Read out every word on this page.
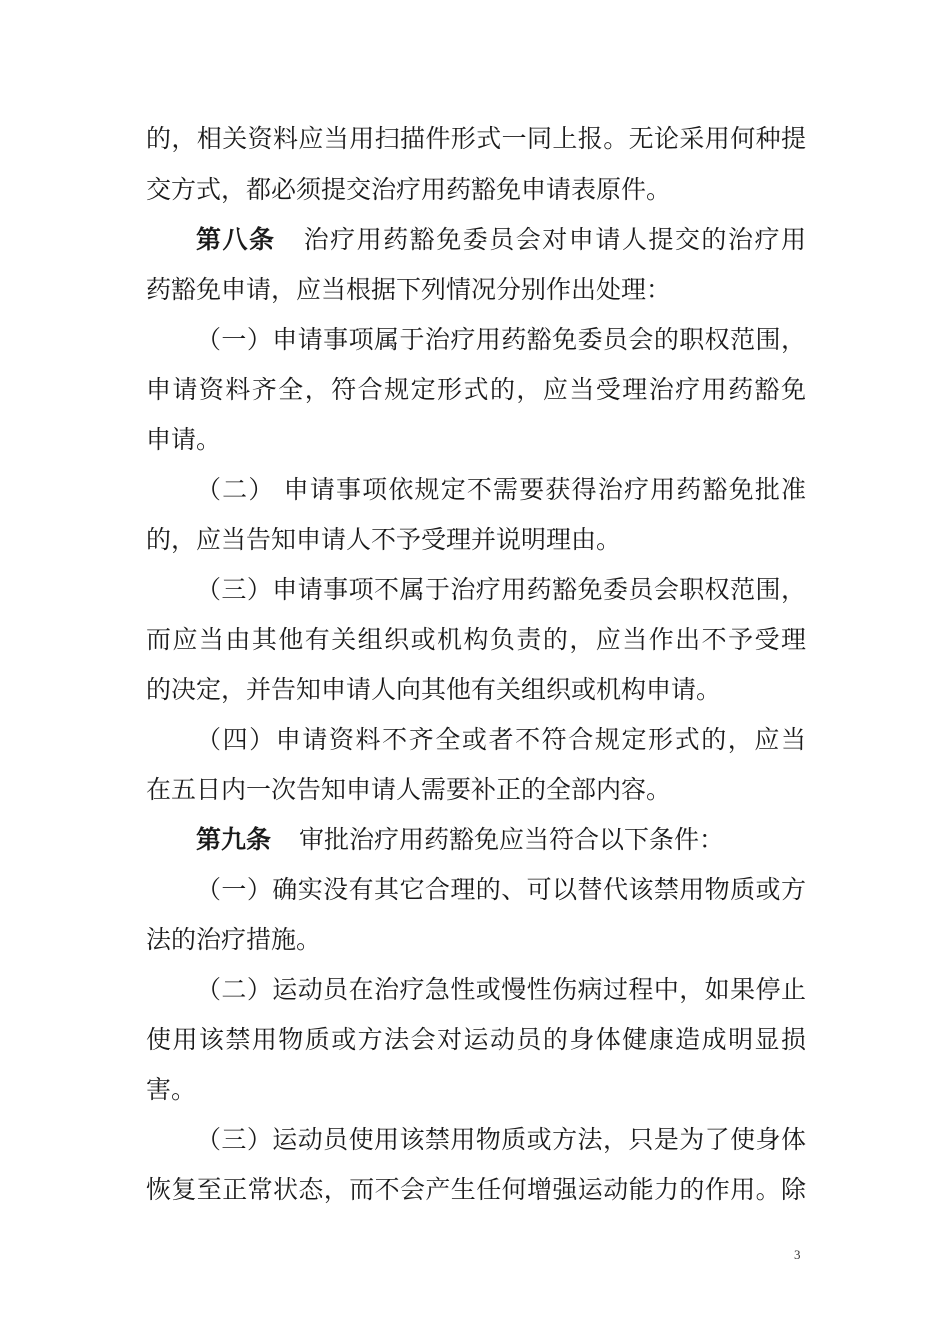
的，相关资料应当用扫描件形式一同上报。无论采用何种提
交方式，都必须提交治疗用药豁免申请表原件。
第八条 治疗用药豁免委员会对申请人提交的治疗用
药豁免申请，应当根据下列情况分别作出处理：
（一）申请事项属于治疗用药豁免委员会的职权范围，
申请资料齐全，符合规定形式的，应当受理治疗用药豁免
申请。
（二） 申请事项依规定不需要获得治疗用药豁免批准
的，应当告知申请人不予受理并说明理由。
（三）申请事项不属于治疗用药豁免委员会职权范围，
而应当由其他有关组织或机构负责的，应当作出不予受理
的决定，并告知申请人向其他有关组织或机构申请。
（四）申请资料不齐全或者不符合规定形式的，应当
在五日内一次告知申请人需要补正的全部内容。
第九条 审批治疗用药豁免应当符合以下条件：
（一）确实没有其它合理的、可以替代该禁用物质或方
法的治疗措施。
（二）运动员在治疗急性或慢性伤病过程中，如果停止
使用该禁用物质或方法会对运动员的身体健康造成明显损
害。
（三）运动员使用该禁用物质或方法，只是为了使身体
恢复至正常状态，而不会产生任何增强运动能力的作用。除
3
